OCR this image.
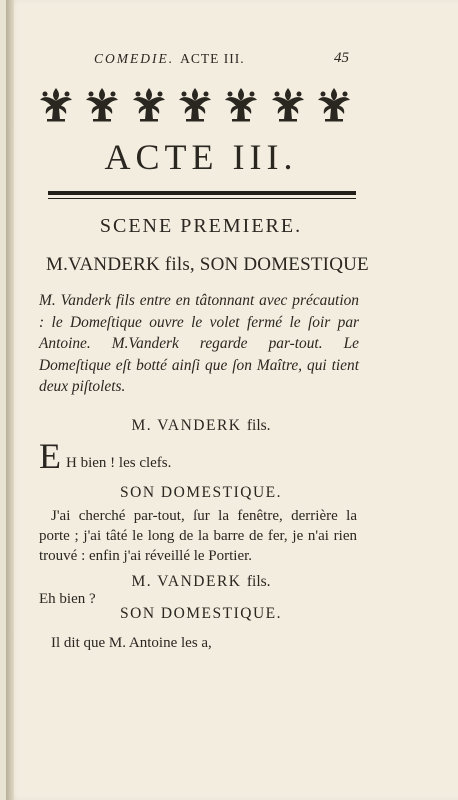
COMEDIE. ACTE III.	45
ACTE III.
SCENE PREMIERE.
M.VANDERK fils, SON DOMESTIQUE
M. Vanderk fils entre en tâtonnant avec précaution : le Domeſtique ouvre le volet fermé le ſoir par Antoine. M.Vanderk regarde par-tout. Le Domeſtique eſt botté ainſi que ſon Maître, qui tient deux piſtolets.
M. VANDERK fils.
E H bien ! les clefs.
SON DOMESTIQUE.
J'ai cherché par-tout, ſur la fenêtre, derrière la porte ; j'ai tâté le long de la barre de fer, je n'ai rien trouvé : enfin j'ai réveillé le Portier.
M. VANDERK fils.
Eh bien ?
SON DOMESTIQUE.
Il dit que M. Antoine les a,
